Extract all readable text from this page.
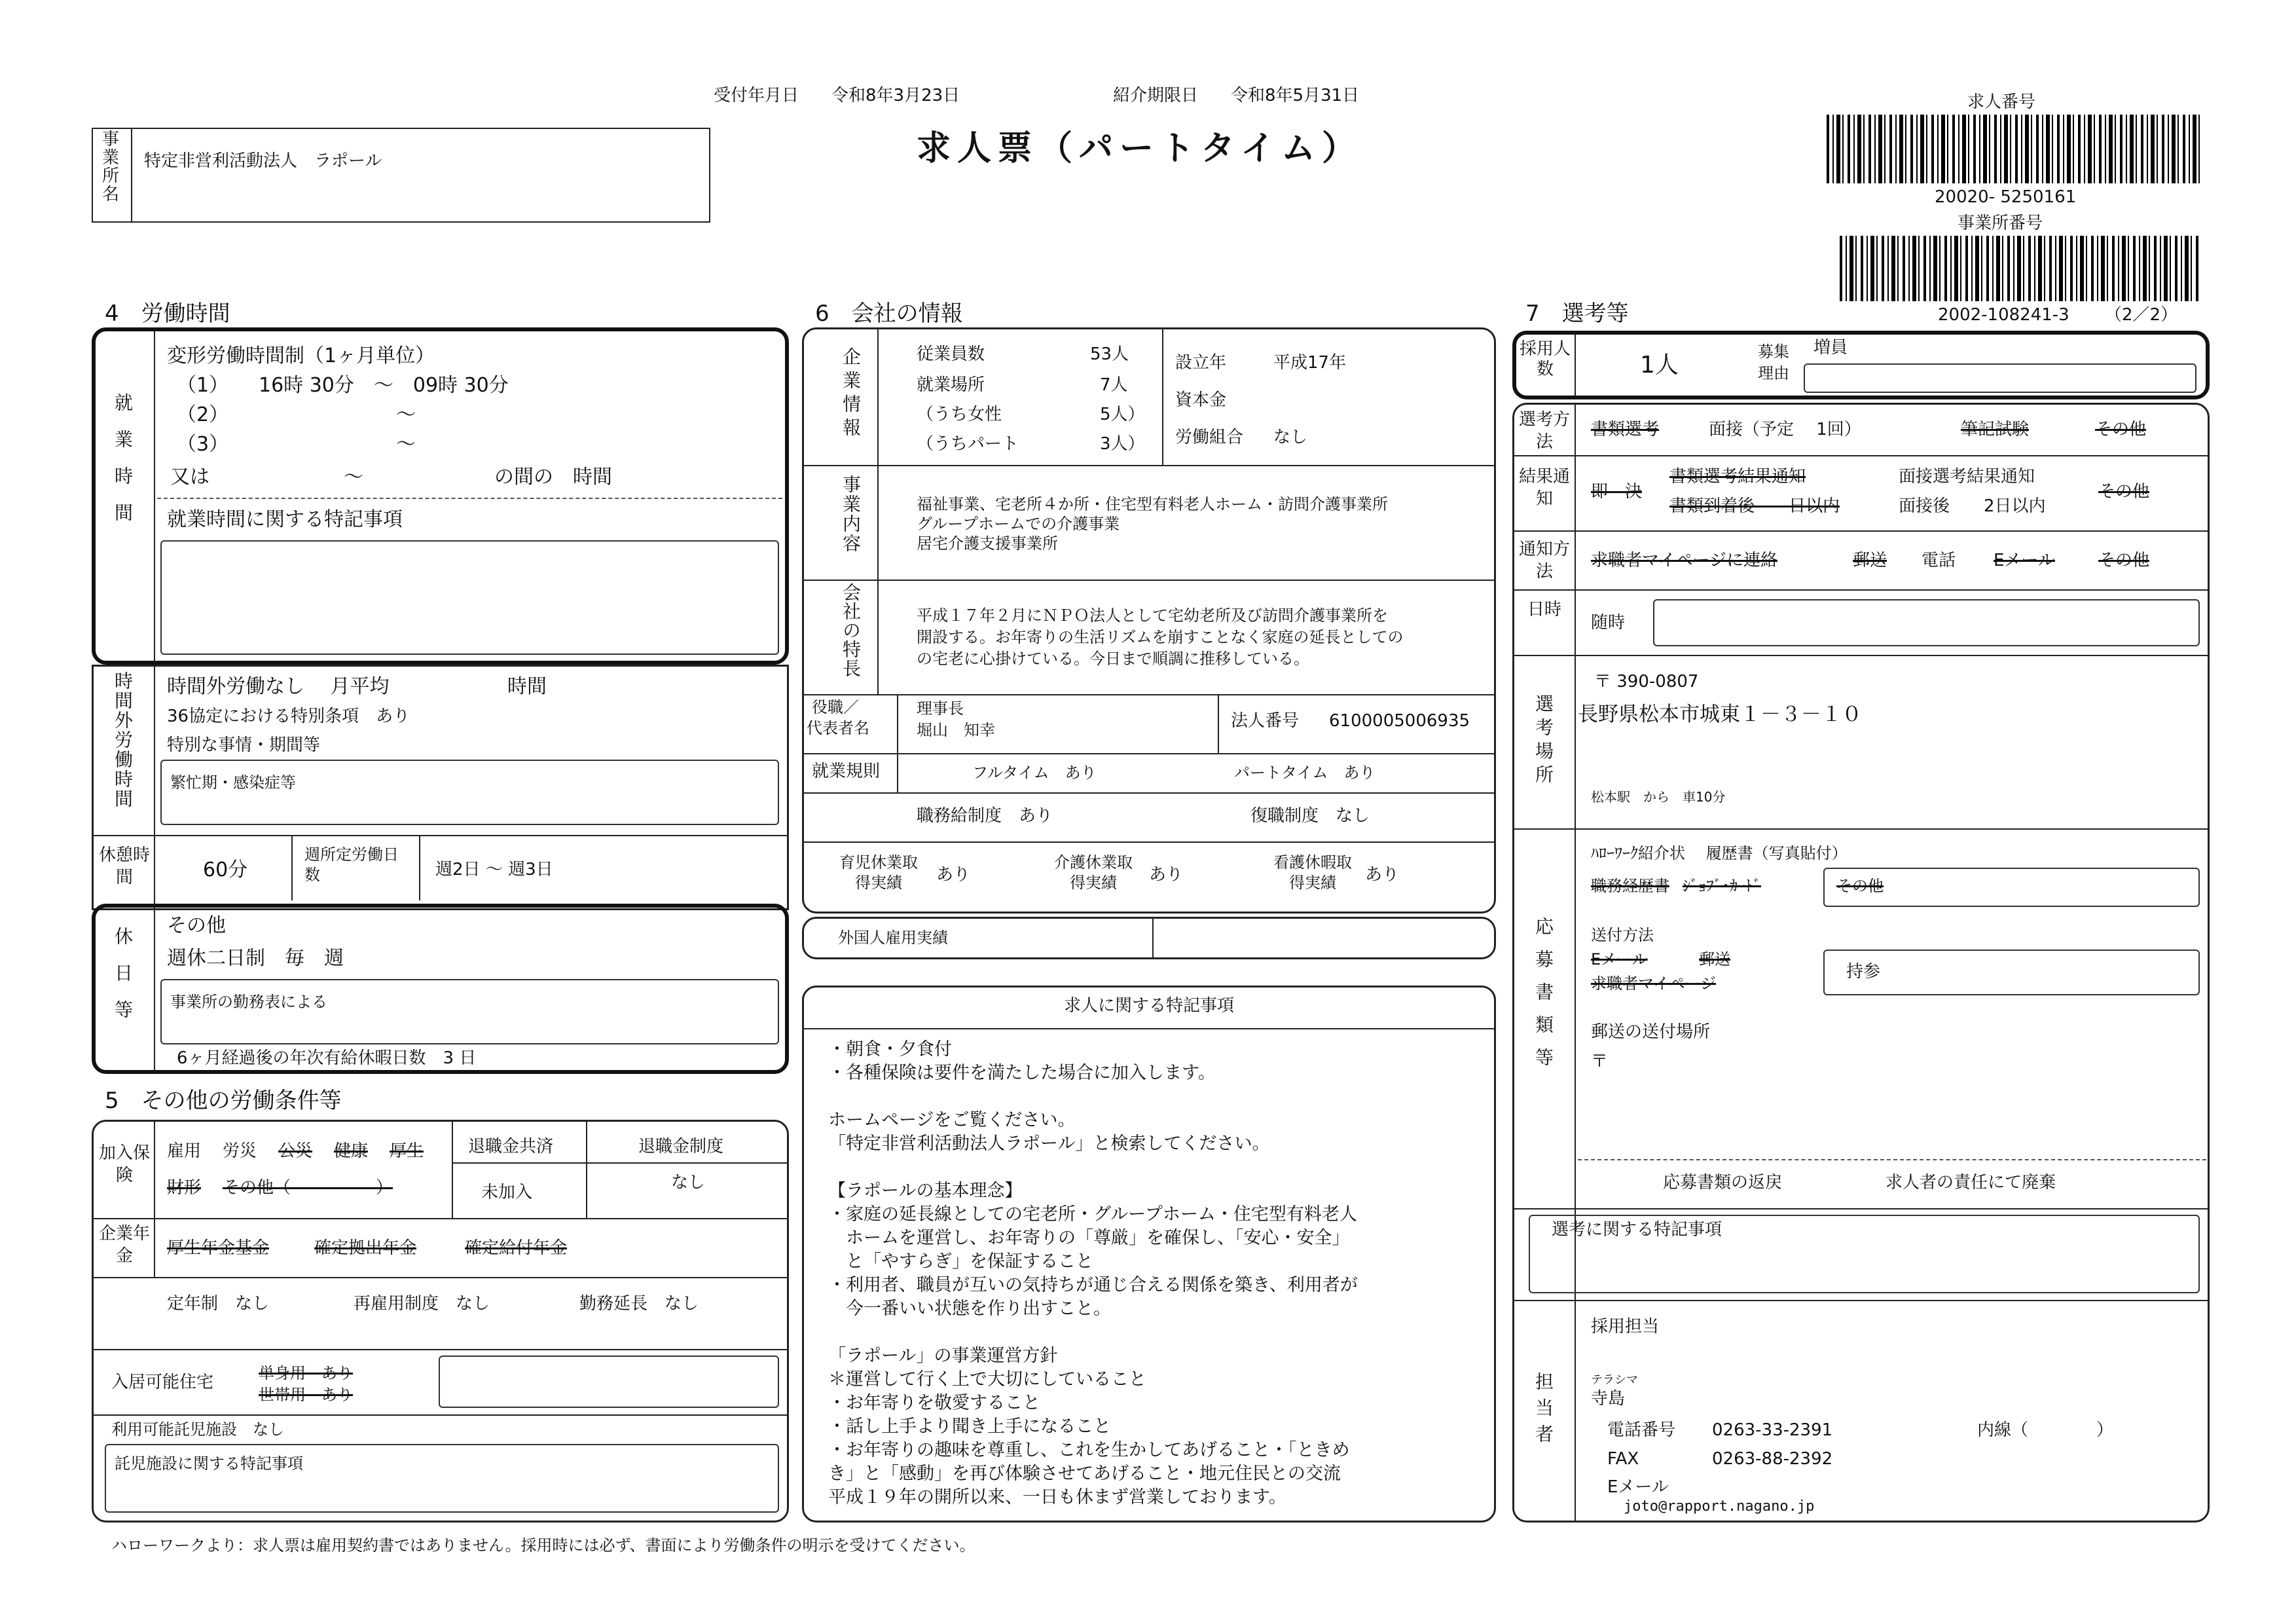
受付年月日 令和8年3月23日	紹介期限日 令和8年5月31日
求人票（パートタイム）
事業所名 特定非営利活動法人　ラポール
求人番号
20020- 5250161
事業所番号
2002-108241-3 （2／2）
4　労働時間
就業時間
変形労働時間制（1ヶ月単位）
（1） 16時 30分　～　09時 30分
（2）	～
（3）	～
又は	～	の間の　時間
就業時間に関する特記事項
時間外労働時間 時間外労働なし　 月平均	時間
36協定における特別条項　あり
特別な事情・期間等
繁忙期・感染症等
休憩時間	60分
週所定労働日数	週2日 ～ 週3日
休日等
その他
週休二日制　毎　週
事業所の勤務表による
6ヶ月経過後の年次有給休暇日数　3 日
5　その他の労働条件等
加入保険
雇用 労災 公災 健康 厚生
財形 その他（　　　　　）
退職金共済
未加入
退職金制度
なし
企業年金	厚生年金基金	確定拠出年金	確定給付年金
定年制　なし	再雇用制度　なし	勤務延長　なし
入居可能住宅	単身用　あり
世帯用　あり
利用可能託児施設　なし
託児施設に関する特記事項
6　会社の情報
企業情報	従業員数	53人
就業場所	7人
（うち女性	5人）
（うちパート	3人）
設立年	平成17年
資本金
労働組合 なし
事業内容	福祉事業、宅老所４か所・住宅型有料老人ホーム・訪問介護事業所
グループホームでの介護事業
居宅介護支援事業所
会社の特長	平成１７年２月にＮＰＯ法人として宅幼老所及び訪問介護事業所を
開設する。お年寄りの生活リズムを崩すことなく家庭の延長としての
の宅老に心掛けている。今日まで順調に推移している。
役職／
代表者名
理事長
堀山　知幸	法人番号 6100005006935
就業規則	フルタイム　あり	パートタイム　あり
職務給制度　あり	復職制度　なし
育児休業取得実績	あり
介護休業取得実績	あり
看護休暇取得実績	あり
外国人雇用実績
求人に関する特記事項
・朝食・夕食付
・各種保険は要件を満たした場合に加入します。
ホームページをご覧ください。
「特定非営利活動法人ラポール」と検索してください。
【ラポールの基本理念】
・家庭の延長線としての宅老所・グループホーム・住宅型有料老人
　ホームを運営し、お年寄りの「尊厳」を確保し、「安心・安全」
　と「やすらぎ」を保証すること
・利用者、職員が互いの気持ちが通じ合える関係を築き、利用者が
　今一番いい状態を作り出すこと。
「ラポール」の事業運営方針
＊運営して行く上で大切にしていること
・お年寄りを敬愛すること
・話し上手より聞き上手になること
・お年寄りの趣味を尊重し、これを生かしてあげること・「ときめ
き」と「感動」を再び体験させてあげること・地元住民との交流
平成１９年の開所以来、一日も休まず営業しております。
7　選考等
採用人数	1人	募集
理由
増員
選考方法
書類選考	面接（予定　 1回）	筆記試験	その他
結果通知	即　決
書類選考結果通知	面接選考結果通知
書類到着後　　日以内	面接後　　2日以内
その他
通知方法
求職者マイページに連絡	郵送 電話 Eメール	その他
日時
随時
選考場所
〒 390-0807
長野県松本市城東１－３－１０
松本駅　から　車10分
応募書類等
ﾊﾛｰﾜｰｸ紹介状　 履歴書（写真貼付）
職務経歴書 ｼﾞｮﾌﾞ･ｶｰﾄﾞ	その他
送付方法
Eメール	郵送
求職者マイページ
持参
郵送の送付場所
〒
応募書類の返戻	求人者の責任にて廃棄
選考に関する特記事項
担当者
採用担当
テラシマ
寺島
電話番号 0263-33-2391	内線（　　　　）
FAX	0263-88-2392
Eメール
joto@rapport.nagano.jp
ハローワークより：求人票は雇用契約書ではありません。採用時には必ず、書面により労働条件の明示を受けてください。
